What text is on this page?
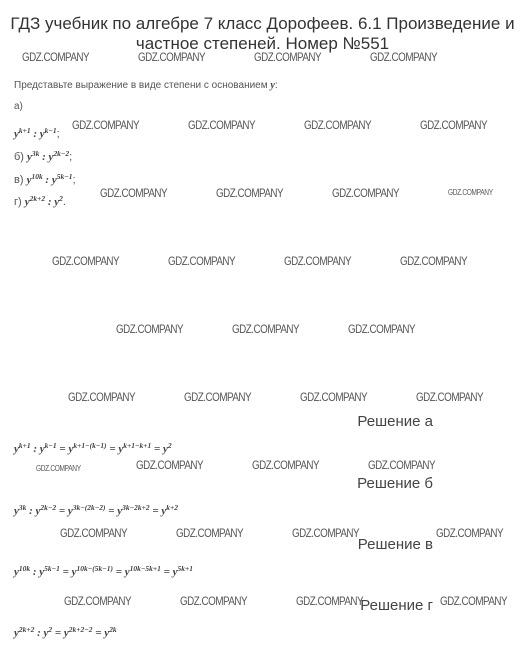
ГДЗ учебник по алгебре 7 класс Дорофеев. 6.1 Произведение и частное степеней. Номер №551
Представьте выражение в виде степени с основанием y:
а)
$y^{k+1}$ : $y^{k-1}$;
б) $y^{3k}$ : $y^{2k-2}$;
в) $y^{10k}$ : $y^{5k-1}$;
г) $y^{2k+2}$ : $y^2$.
Решение а
$y^{k+1}$ : $y^{k-1} = y^{k+1-(k-1)} = y^{k+1-k+1} = y^2$
Решение б
$y^{3k}$ : $y^{2k-2} = y^{3k-(2k-2)} = y^{3k-2k+2} = y^{k+2}$
Решение в
$y^{10k}$ : $y^{5k-1} = y^{10k-(5k-1)} = y^{10k-5k+1} = y^{5k+1}$
Решение г
$y^{2k+2}$ : $y^2 = y^{2k+2-2} = y^{2k}$
GDZ.COMPANY	GDZ.COMPANY	GDZ.COMPANY	GDZ.COMPANY
GDZ.COMPANY	GDZ.COMPANY	GDZ.COMPANY	GDZ.COMPANY
GDZ.COMPANY	GDZ.COMPANY	GDZ.COMPANY	GDZ.COMPANY
GDZ.COMPANY	GDZ.COMPANY	GDZ.COMPANY	GDZ.COMPANY
GDZ.COMPANY	GDZ.COMPANY	GDZ.COMPANY
GDZ.COMPANY	GDZ.COMPANY	GDZ.COMPANY	GDZ.COMPANY
GDZ.COMPANY	GDZ.COMPANY	GDZ.COMPANY	GDZ.COMPANY
GDZ.COMPANY	GDZ.COMPANY	GDZ.COMPANY	GDZ.COMPANY
GDZ.COMPANY	GDZ.COMPANY	GDZ.COMPANY	GDZ.COMPANY
